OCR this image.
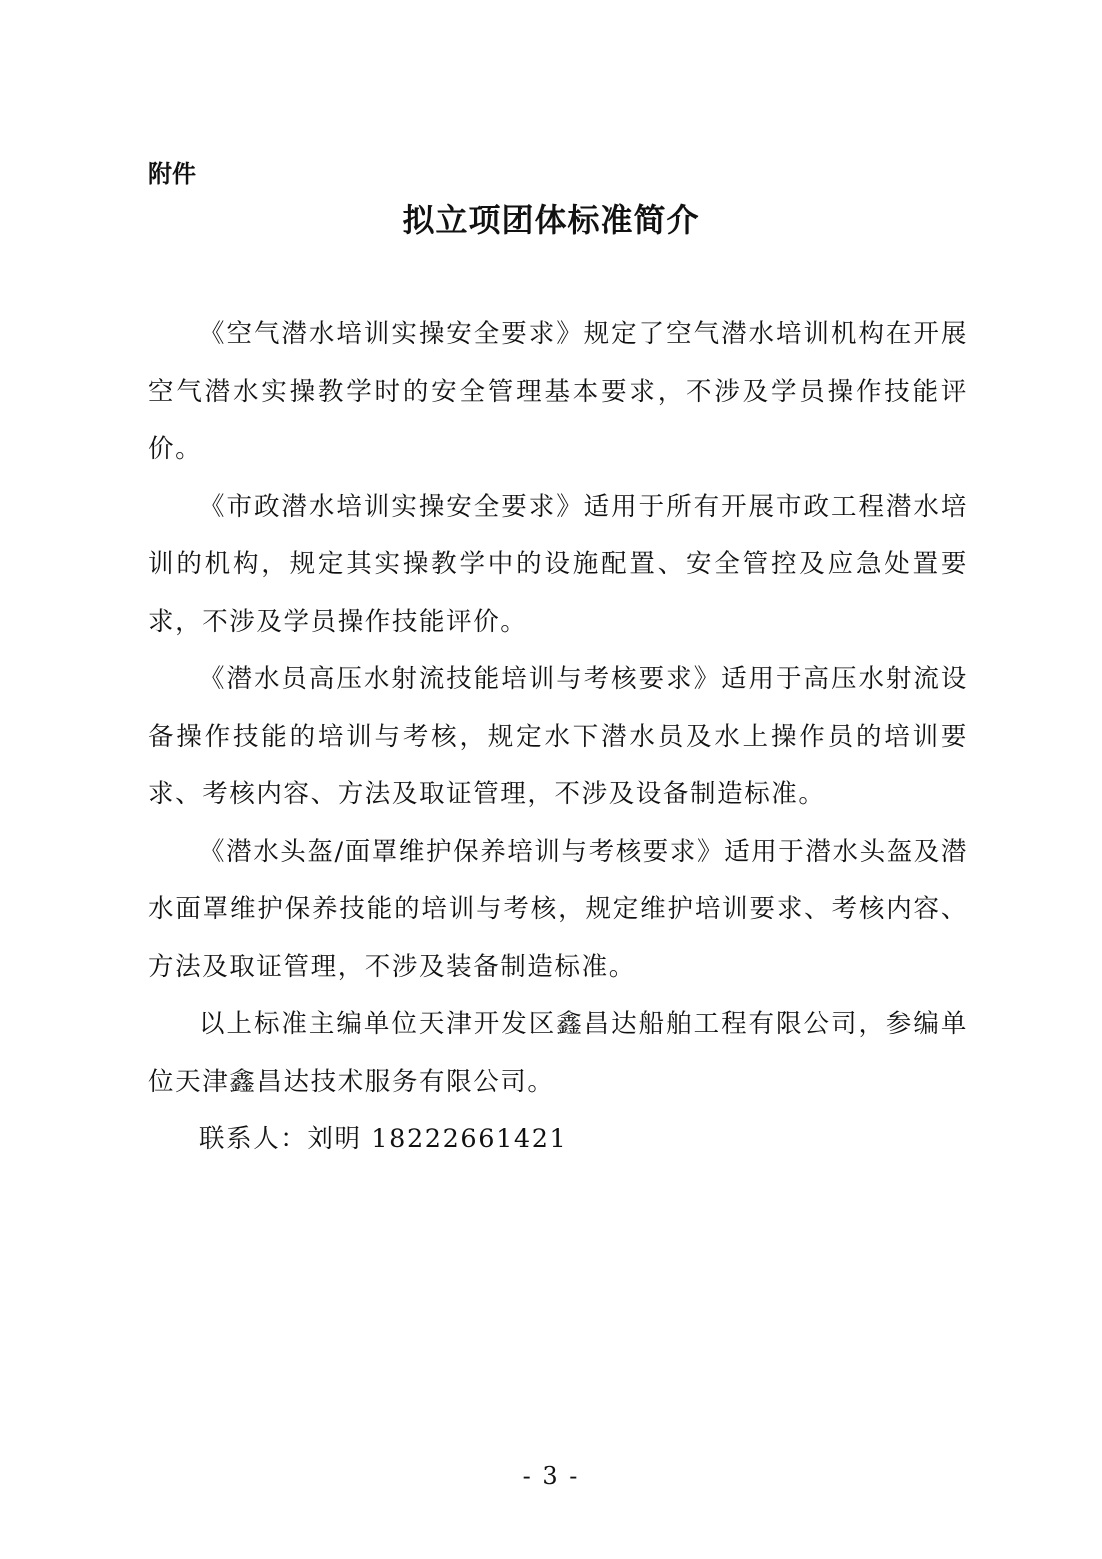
附件
拟立项团体标准简介

《空气潜水培训实操安全要求》规定了空气潜水培训机构在开展空气潜水实操教学时的安全管理基本要求，不涉及学员操作技能评价。

《市政潜水培训实操安全要求》适用于所有开展市政工程潜水培训的机构，规定其实操教学中的设施配置、安全管控及应急处置要求，不涉及学员操作技能评价。

《潜水员高压水射流技能培训与考核要求》适用于高压水射流设备操作技能的培训与考核，规定水下潜水员及水上操作员的培训要求、考核内容、方法及取证管理，不涉及设备制造标准。

《潜水头盔/面罩维护保养培训与考核要求》适用于潜水头盔及潜水面罩维护保养技能的培训与考核，规定维护培训要求、考核内容、方法及取证管理，不涉及装备制造标准。

以上标准主编单位天津开发区鑫昌达船舶工程有限公司，参编单位天津鑫昌达技术服务有限公司。

联系人：刘明 18222661421

- 3 -
